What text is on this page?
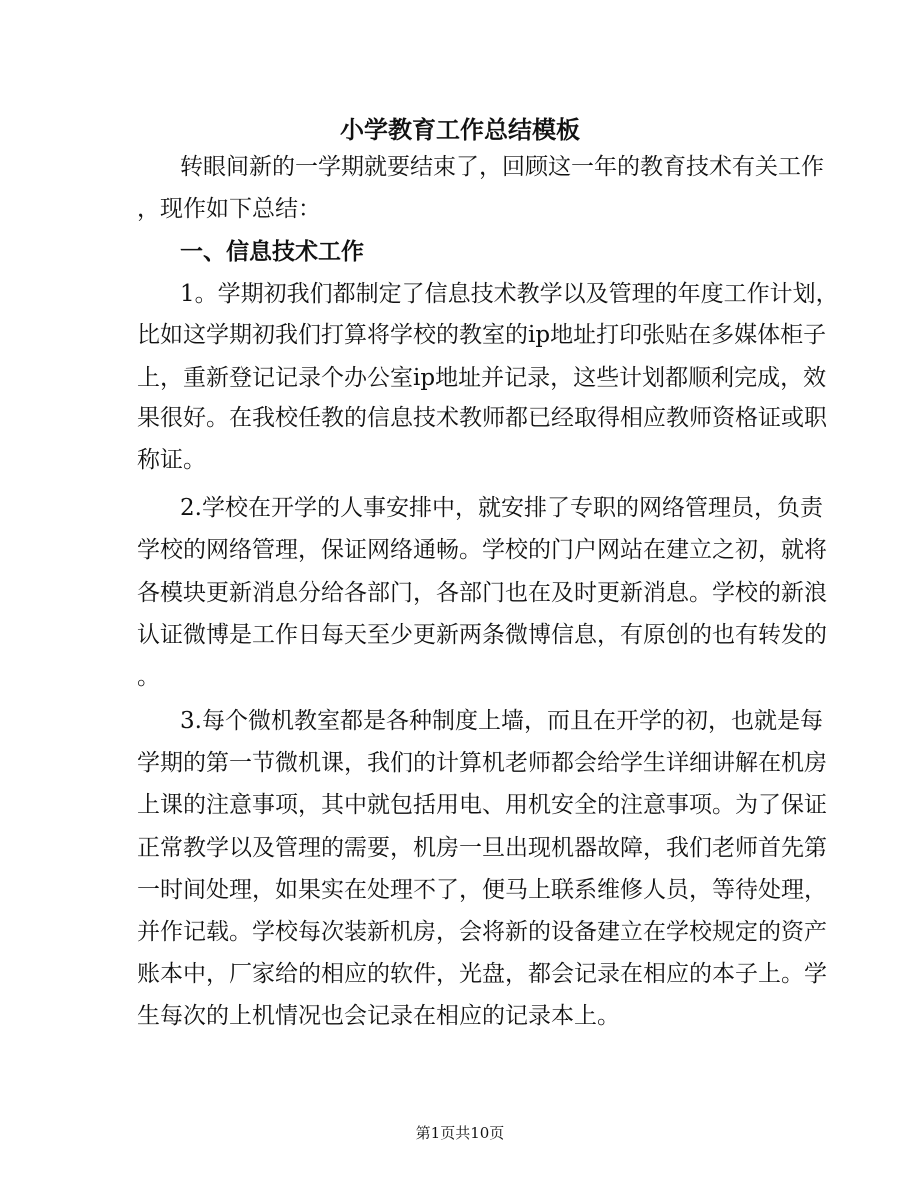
小学教育工作总结模板
转眼间新的一学期就要结束了，回顾这一年的教育技术有关工作
，现作如下总结：
一、信息技术工作
1。学期初我们都制定了信息技术教学以及管理的年度工作计划，
比如这学期初我们打算将学校的教室的ip地址打印张贴在多媒体柜子
上，重新登记记录个办公室ip地址并记录，这些计划都顺利完成，效
果很好。在我校任教的信息技术教师都已经取得相应教师资格证或职
称证。
2.学校在开学的人事安排中，就安排了专职的网络管理员，负责
学校的网络管理，保证网络通畅。学校的门户网站在建立之初，就将
各模块更新消息分给各部门，各部门也在及时更新消息。学校的新浪
认证微博是工作日每天至少更新两条微博信息，有原创的也有转发的
。
3.每个微机教室都是各种制度上墙，而且在开学的初，也就是每
学期的第一节微机课，我们的计算机老师都会给学生详细讲解在机房
上课的注意事项，其中就包括用电、用机安全的注意事项。为了保证
正常教学以及管理的需要，机房一旦出现机器故障，我们老师首先第
一时间处理，如果实在处理不了，便马上联系维修人员，等待处理，
并作记载。学校每次装新机房，会将新的设备建立在学校规定的资产
账本中，厂家给的相应的软件，光盘，都会记录在相应的本子上。学
生每次的上机情况也会记录在相应的记录本上。
第1页共10页
